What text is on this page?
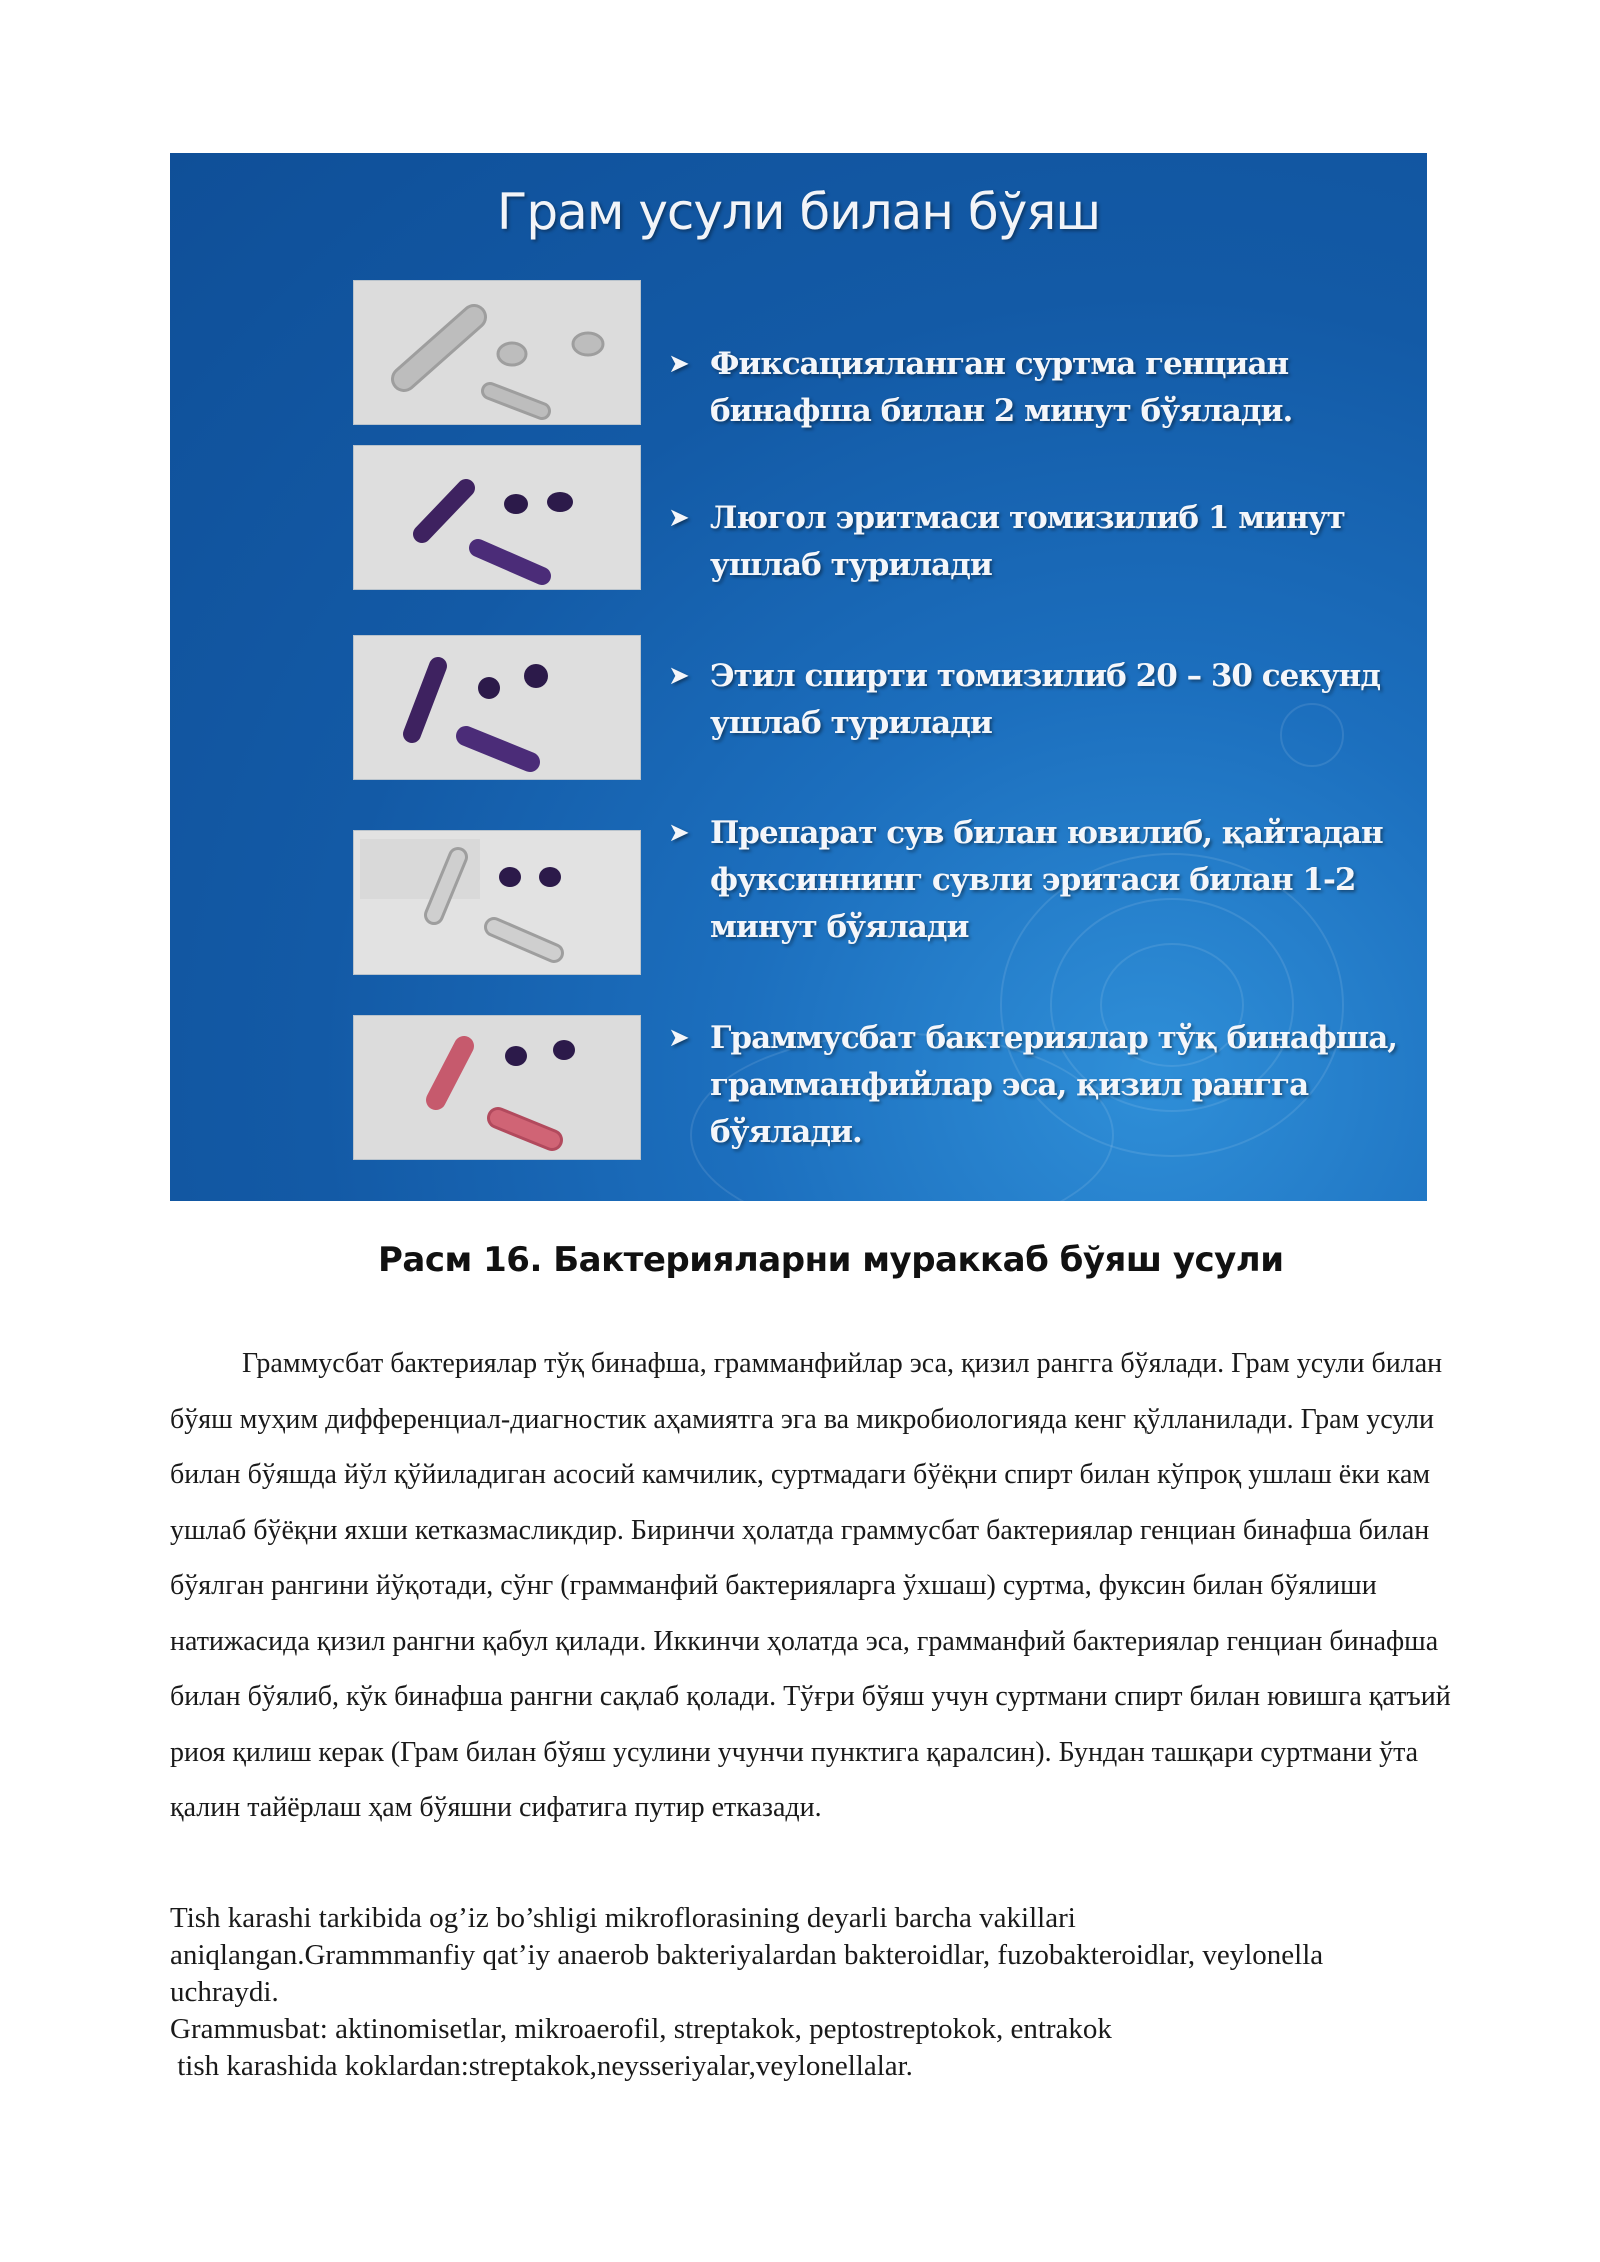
Грам усули билан бўяш
➤ Фиксацияланган суртма генциан бинафша билан 2 минут бўялади.
➤ Люгол эритмаси томизилиб 1 минут ушлаб турилади
➤ Этил спирти томизилиб 20 – 30 секунд ушлаб турилади
➤ Препарат сув билан ювилиб, қайтадан фуксиннинг сувли эритаси билан 1-2 минут бўялади
➤ Граммусбат бактериялар тўқ бинафша, грамманфийлар эса, қизил рангга бўялади.
Расм 16. Бактерияларни мураккаб бўяш усули

Граммусбат бактериялар тўқ бинафша, грамманфийлар эса, қизил рангга бўялади. Грам усули билан бўяш муҳим дифференциал-диагностик аҳамиятга эга ва микробиологияда кенг қўлланилади. Грам усули билан бўяшда йўл қўйиладиган асосий камчилик, суртмадаги бўёқни спирт билан кўпроқ ушлаш ёки кам ушлаб бўёқни яхши кетказмасликдир. Биринчи ҳолатда граммусбат бактериялар генциан бинафша билан бўялган рангини йўқотади, сўнг (грамманфий бактерияларга ўхшаш) суртма, фуксин билан бўялиши натижасида қизил рангни қабул қилади. Иккинчи ҳолатда эса, грамманфий бактериялар генциан бинафша билан бўялиб, кўк бинафша рангни сақлаб қолади. Тўғри бўяш учун суртмани спирт билан ювишга қатъий риоя қилиш керак (Грам билан бўяш усулини учунчи пунктига қаралсин). Бундан ташқари суртмани ўта қалин тайёрлаш ҳам бўяшни сифатига путир етказади.

Tish karashi tarkibida og’iz bo’shligi mikroflorasining deyarli barcha vakillari
aniqlangan.Grammmanfiy qat’iy anaerob bakteriyalardan bakteroidlar, fuzobakteroidlar, veylonella
uchraydi.
Grammusbat: aktinomisetlar, mikroaerofil, streptakok, peptostreptokok, entrakok
tish karashida koklardan:streptakok,neysseriyalar,veylonellalar.
